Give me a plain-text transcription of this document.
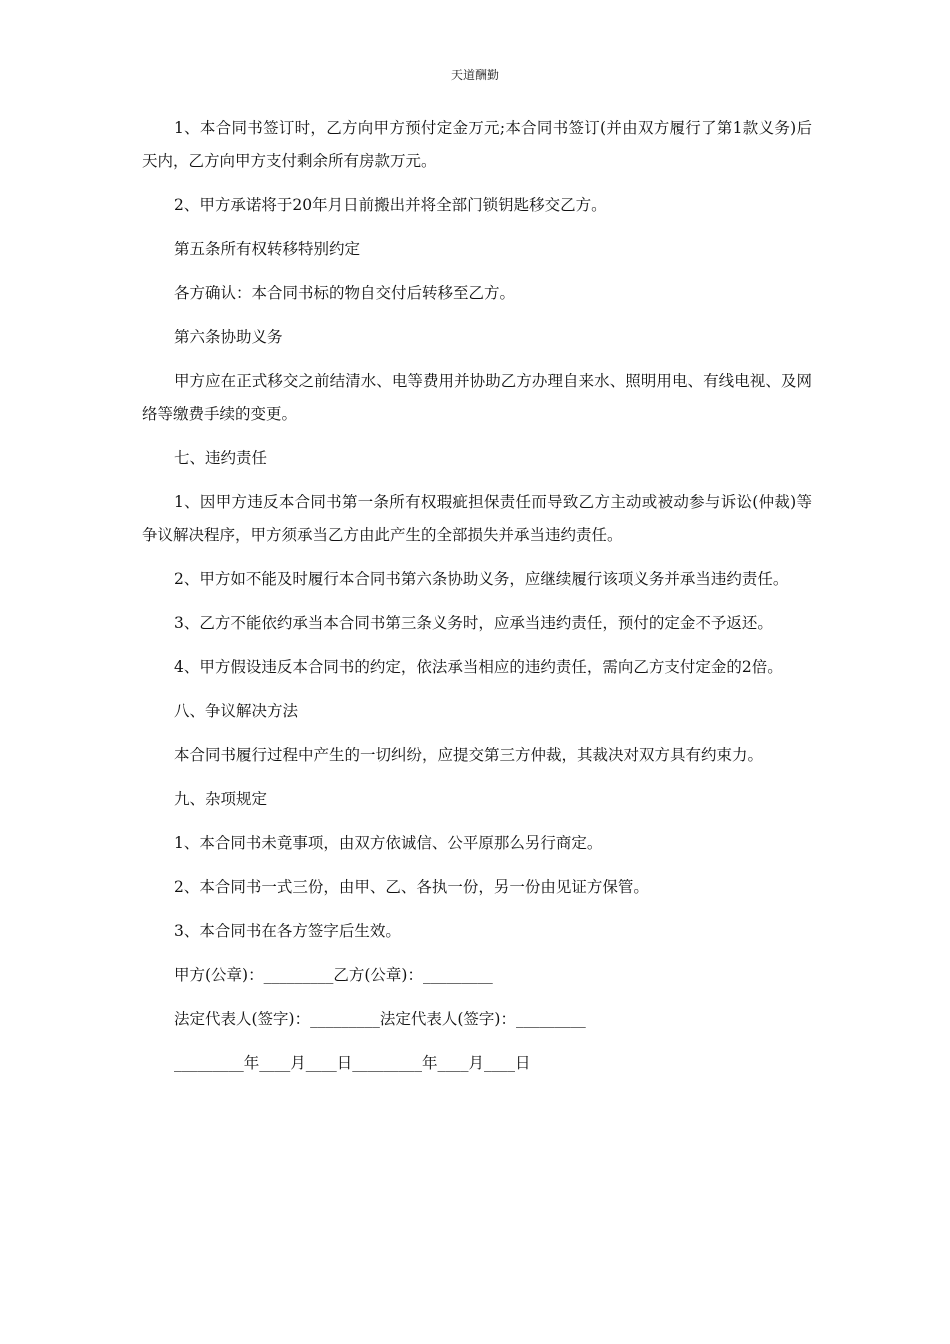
天道酬勤

1、本合同书签订时，乙方向甲方预付定金万元;本合同书签订(并由双方履行了第1款义务)后天内，乙方向甲方支付剩余所有房款万元。

2、甲方承诺将于20年月日前搬出并将全部门锁钥匙移交乙方。

第五条所有权转移特别约定

各方确认：本合同书标的物自交付后转移至乙方。

第六条协助义务

甲方应在正式移交之前结清水、电等费用并协助乙方办理自来水、照明用电、有线电视、及网络等缴费手续的变更。

七、违约责任

1、因甲方违反本合同书第一条所有权瑕疵担保责任而导致乙方主动或被动参与诉讼(仲裁)等争议解决程序，甲方须承当乙方由此产生的全部损失并承当违约责任。

2、甲方如不能及时履行本合同书第六条协助义务，应继续履行该项义务并承当违约责任。

3、乙方不能依约承当本合同书第三条义务时，应承当违约责任，预付的定金不予返还。

4、甲方假设违反本合同书的约定，依法承当相应的违约责任，需向乙方支付定金的2倍。

八、争议解决方法

本合同书履行过程中产生的一切纠纷，应提交第三方仲裁，其裁决对双方具有约束力。

九、杂项规定

1、本合同书未竟事项，由双方依诚信、公平原那么另行商定。

2、本合同书一式三份，由甲、乙、各执一份，另一份由见证方保管。

3、本合同书在各方签字后生效。

甲方(公章)：_________乙方(公章)：_________

法定代表人(签字)：_________法定代表人(签字)：_________

_________年____月____日_________年____月____日
